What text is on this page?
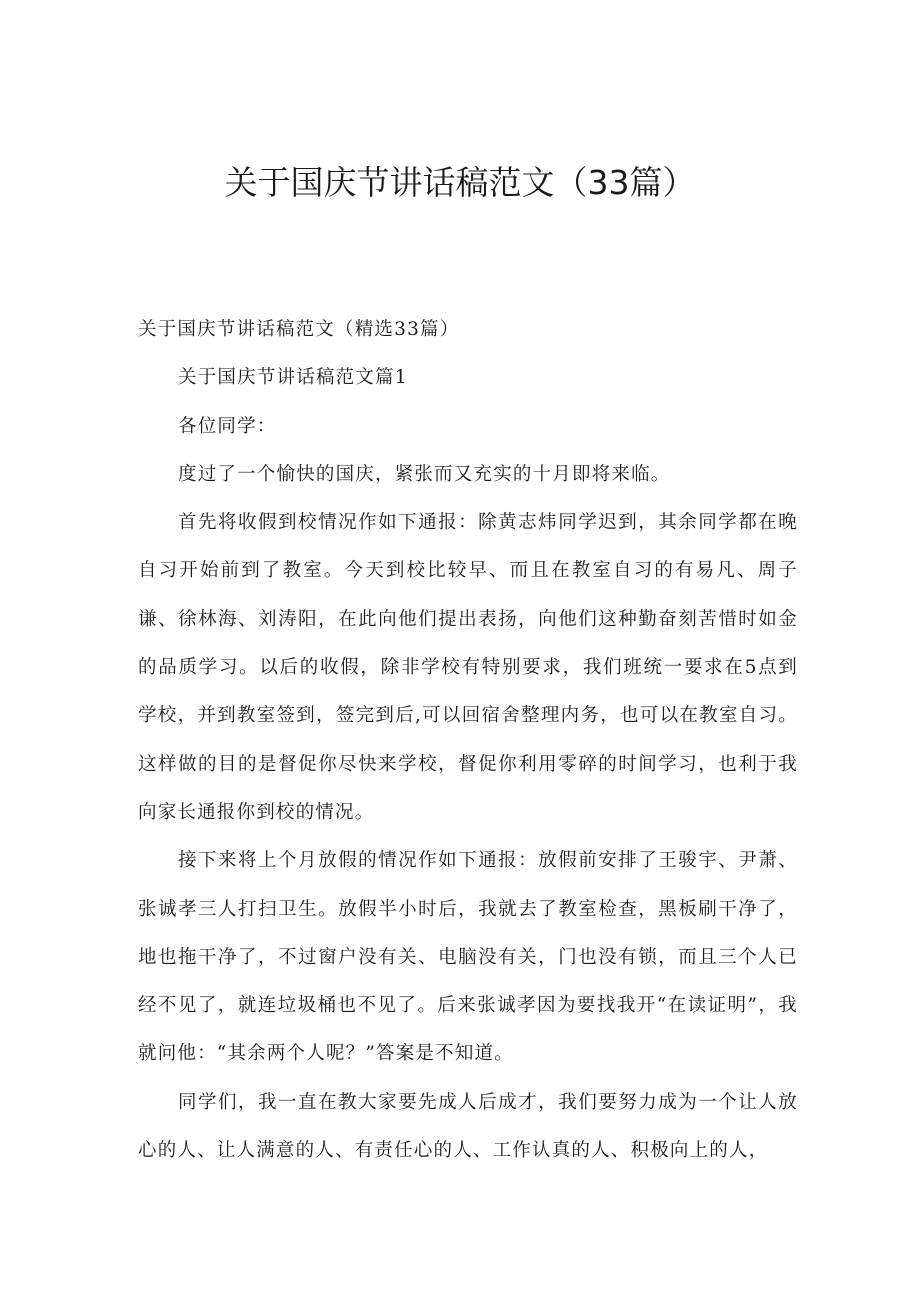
关于国庆节讲话稿范文（33篇）

关于国庆节讲话稿范文（精选33篇）

关于国庆节讲话稿范文篇1

各位同学：

度过了一个愉快的国庆，紧张而又充实的十月即将来临。

首先将收假到校情况作如下通报：除黄志炜同学迟到，其余同学都在晚自习开始前到了教室。今天到校比较早、而且在教室自习的有易凡、周子谦、徐林海、刘涛阳，在此向他们提出表扬，向他们这种勤奋刻苦惜时如金的品质学习。以后的收假，除非学校有特别要求，我们班统一要求在5点到学校，并到教室签到，签完到后,可以回宿舍整理内务，也可以在教室自习。这样做的目的是督促你尽快来学校，督促你利用零碎的时间学习，也利于我向家长通报你到校的情况。

接下来将上个月放假的情况作如下通报：放假前安排了王骏宇、尹萧、张诚孝三人打扫卫生。放假半小时后，我就去了教室检查，黑板刷干净了，地也拖干净了，不过窗户没有关、电脑没有关，门也没有锁，而且三个人已经不见了，就连垃圾桶也不见了。后来张诚孝因为要找我开“在读证明”，我就问他：“其余两个人呢？”答案是不知道。

同学们，我一直在教大家要先成人后成才，我们要努力成为一个让人放心的人、让人满意的人、有责任心的人、工作认真的人、积极向上的人，
